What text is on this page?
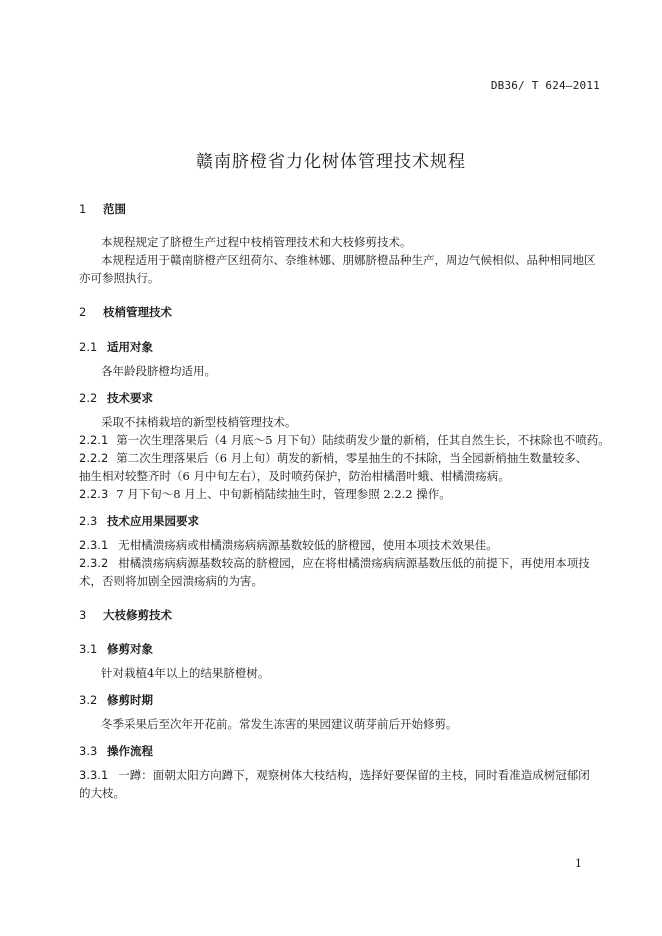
DB36/ T 624—2011
赣南脐橙省力化树体管理技术规程
1 范围
本规程规定了脐橙生产过程中枝梢管理技术和大枝修剪技术。
本规程适用于赣南脐橙产区纽荷尔、奈维林娜、朋娜脐橙品种生产，周边气候相似、品种相同地区
亦可参照执行。
2 枝梢管理技术
2.1 适用对象
各年龄段脐橙均适用。
2.2 技术要求
采取不抹梢栽培的新型枝梢管理技术。
2.2.1 第一次生理落果后（4 月底～5 月下旬）陆续萌发少量的新梢，任其自然生长，不抹除也不喷药。
2.2.2 第二次生理落果后（6 月上旬）萌发的新梢，零星抽生的不抹除，当全园新梢抽生数量较多、
抽生相对较整齐时（6 月中旬左右），及时喷药保护，防治柑橘潜叶蛾、柑橘溃疡病。
2.2.3 7 月下旬～8 月上、中旬新梢陆续抽生时，管理参照 2.2.2 操作。
2.3 技术应用果园要求
2.3.1 无柑橘溃疡病或柑橘溃疡病病源基数较低的脐橙园，使用本项技术效果佳。
2.3.2 柑橘溃疡病病源基数较高的脐橙园，应在将柑橘溃疡病病源基数压低的前提下，再使用本项技
术，否则将加剧全园溃疡病的为害。
3 大枝修剪技术
3.1 修剪对象
针对栽植4年以上的结果脐橙树。
3.2 修剪时期
冬季采果后至次年开花前。常发生冻害的果园建议萌芽前后开始修剪。
3.3 操作流程
3.3.1 一蹲：面朝太阳方向蹲下，观察树体大枝结构，选择好要保留的主枝，同时看准造成树冠郁闭
的大枝。
1
